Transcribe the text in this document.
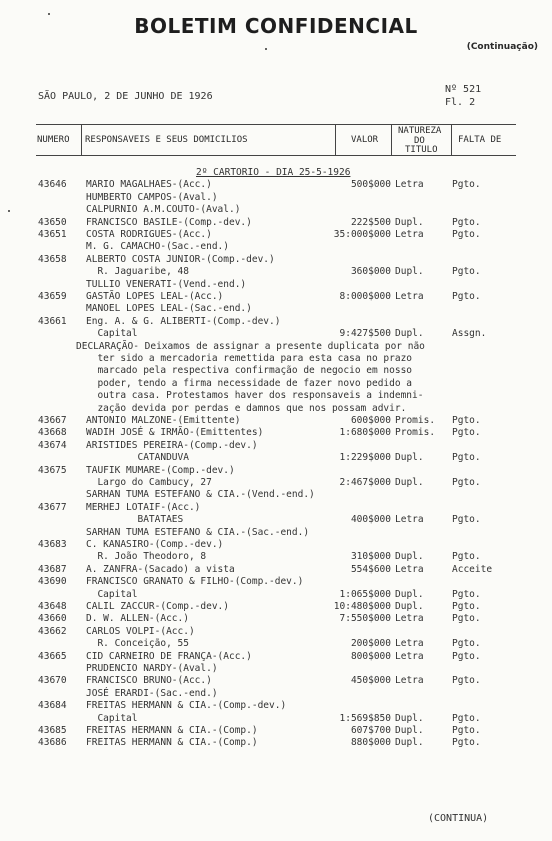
BOLETIM CONFIDENCIAL
(Continuação)
SÃO PAULO, 2 DE JUNHO DE 1926
Nº 521
Fl. 2
NUMERO RESPONSAVEIS E SEUS DOMICILIOS	VALOR
NATUREZA
DO
TITULO
FALTA DE
2º CARTORIO - DIA 25-5-1926
43646 MARIO MAGALHAES-(Acc.)	500$000 Letra	Pgto.
HUMBERTO CAMPOS-(Aval.)
CALPURNIO A.M.COUTO-(Aval.)
43650 FRANCISCO BASILE-(Comp.-dev.)	222$500 Dupl.	Pgto.
43651 COSTA RODRIGUES-(Acc.)	35:000$000 Letra	Pgto.
M. G. CAMACHO-(Sac.-end.)
43658 ALBERTO COSTA JUNIOR-(Comp.-dev.)
R. Jaguaribe, 48	360$000 Dupl.	Pgto.
TULLIO VENERATI-(Vend.-end.)
43659 GASTÃO LOPES LEAL-(Acc.)	8:000$000 Letra	Pgto.
MANOEL LOPES LEAL-(Sac.-end.)
43661 Eng. A. & G. ALIBERTI-(Comp.-dev.)
Capital	9:427$500 Dupl.	Assgn.
DECLARAÇÃO- Deixamos de assignar a presente duplicata por não
ter sido a mercadoria remettida para esta casa no prazo
marcado pela respectiva confirmação de negocio em nosso
poder, tendo a firma necessidade de fazer novo pedido a
outra casa. Protestamos haver dos responsaveis a indemni-
zação devida por perdas e damnos que nos possam advir.
43667 ANTONIO MALZONE-(Emittente)	600$000 Promis. Pgto.
43668 WADIH JOSÉ & IRMÃO-(Emittentes)	1:680$000 Promis. Pgto.
43674 ARISTIDES PEREIRA-(Comp.-dev.)
CATANDUVA	1:229$000 Dupl.	Pgto.
43675 TAUFIK MUMARE-(Comp.-dev.)
Largo do Cambucy, 27	2:467$000 Dupl.	Pgto.
SARHAN TUMA ESTEFANO & CIA.-(Vend.-end.)
43677 MERHEJ LOTAIF-(Acc.)
BATATAES	400$000 Letra	Pgto.
SARHAN TUMA ESTEFANO & CIA.-(Sac.-end.)
43683 C. KANASIRO-(Comp.-dev.)
R. João Theodoro, 8	310$000 Dupl.	Pgto.
43687 A. ZANFRA-(Sacado) a vista	554$600 Letra	Acceite
43690 FRANCISCO GRANATO & FILHO-(Comp.-dev.)
Capital	1:065$000 Dupl.	Pgto.
43648 CALIL ZACCUR-(Comp.-dev.)	10:480$000 Dupl.	Pgto.
43660 D. W. ALLEN-(Acc.)	7:550$000 Letra	Pgto.
43662 CARLOS VOLPI-(Acc.)
R. Conceição, 55	200$000 Letra	Pgto.
43665 CID CARNEIRO DE FRANÇA-(Acc.)	800$000 Letra	Pgto.
PRUDENCIO NARDY-(Aval.)
43670 FRANCISCO BRUNO-(Acc.)	450$000 Letra	Pgto.
JOSÉ ERARDI-(Sac.-end.)
43684 FREITAS HERMANN & CIA.-(Comp.-dev.)
Capital	1:569$850 Dupl.	Pgto.
43685 FREITAS HERMANN & CIA.-(Comp.)	607$700 Dupl.	Pgto.
43686 FREITAS HERMANN & CIA.-(Comp.)	880$000 Dupl.	Pgto.
(CONTINUA)
